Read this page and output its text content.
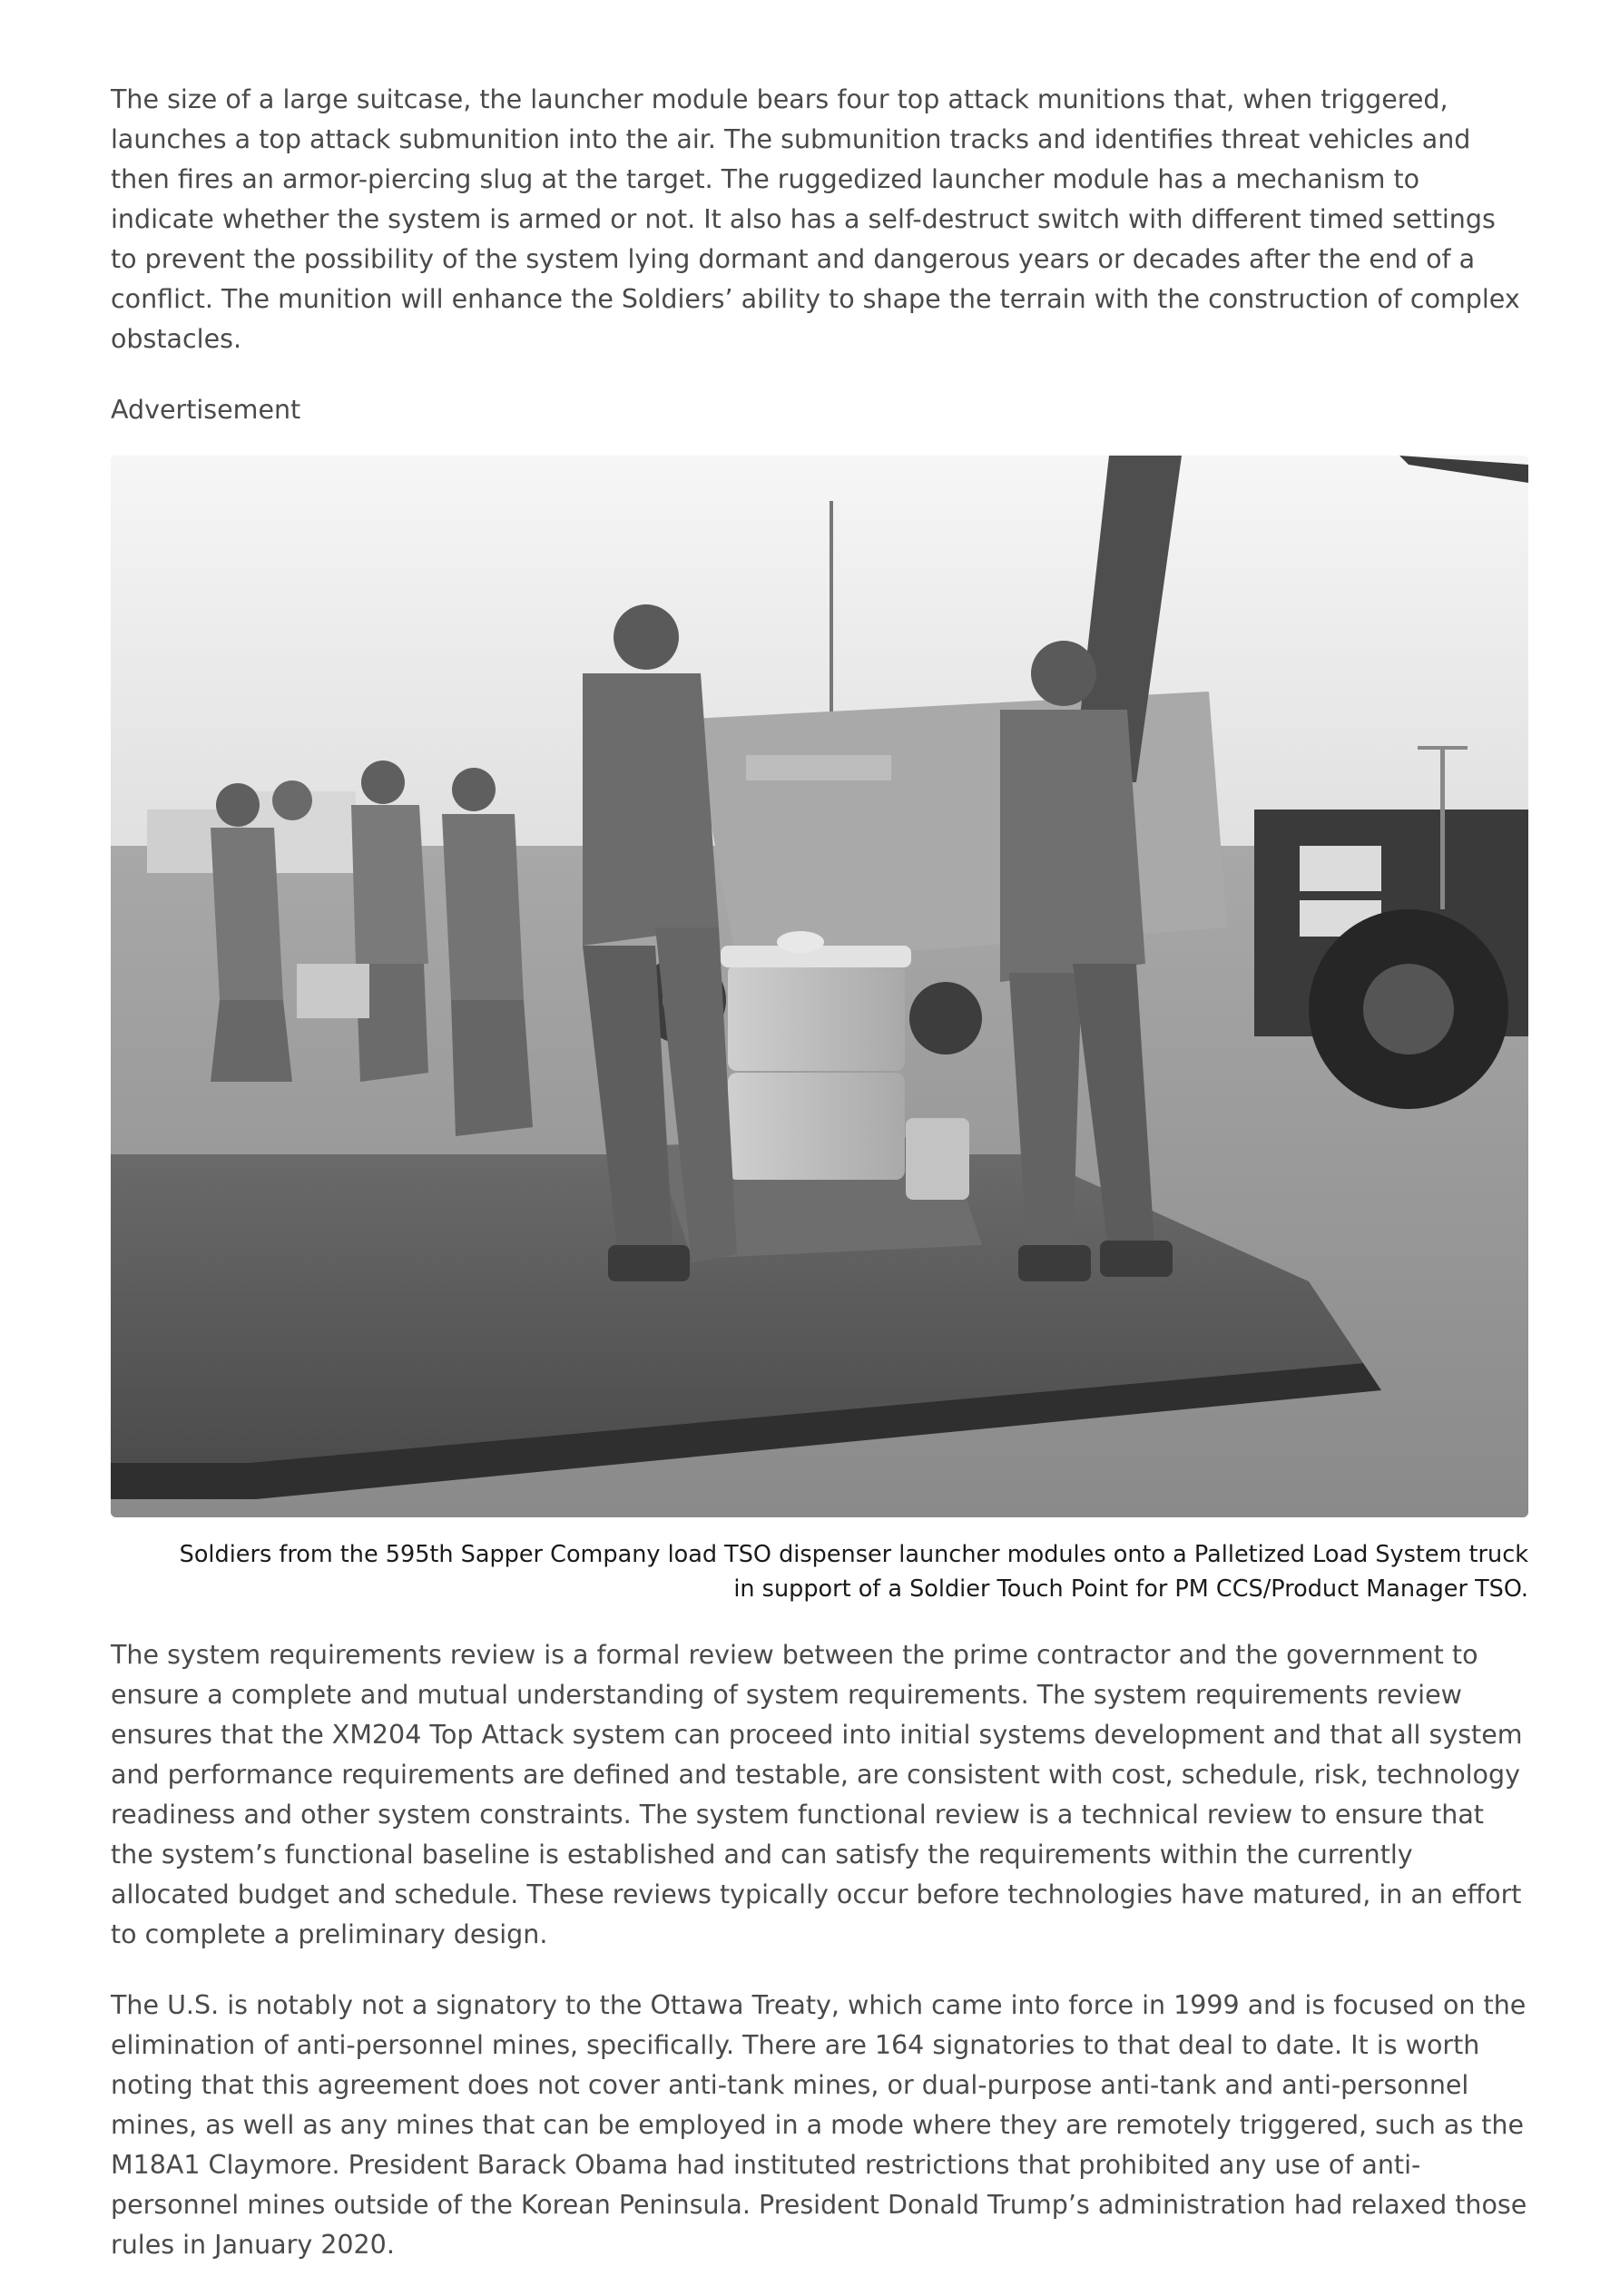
The size of a large suitcase, the launcher module bears four top attack munitions that, when triggered, launches a top attack submunition into the air. The submunition tracks and identifies threat vehicles and then fires an armor-piercing slug at the target. The ruggedized launcher module has a mechanism to indicate whether the system is armed or not. It also has a self-destruct switch with different timed settings to prevent the possibility of the system lying dormant and dangerous years or decades after the end of a conflict. The munition will enhance the Soldiers’ ability to shape the terrain with the construction of complex obstacles.

Advertisement
Soldiers from the 595th Sapper Company load TSO dispenser launcher modules onto a Palletized Load System truck in support of a Soldier Touch Point for PM CCS/Product Manager TSO.

The system requirements review is a formal review between the prime contractor and the government to ensure a complete and mutual understanding of system requirements. The system requirements review ensures that the XM204 Top Attack system can proceed into initial systems development and that all system and performance requirements are defined and testable, are consistent with cost, schedule, risk, technology readiness and other system constraints. The system functional review is a technical review to ensure that the system’s functional baseline is established and can satisfy the requirements within the currently allocated budget and schedule. These reviews typically occur before technologies have matured, in an effort to complete a preliminary design.

The U.S. is notably not a signatory to the Ottawa Treaty, which came into force in 1999 and is focused on the elimination of anti-personnel mines, specifically. There are 164 signatories to that deal to date. It is worth noting that this agreement does not cover anti-tank mines, or dual-purpose anti-tank and anti-personnel mines, as well as any mines that can be employed in a mode where they are remotely triggered, such as the M18A1 Claymore. President Barack Obama had instituted restrictions that prohibited any use of anti-personnel mines outside of the Korean Peninsula. President Donald Trump’s administration had relaxed those rules in January 2020.
